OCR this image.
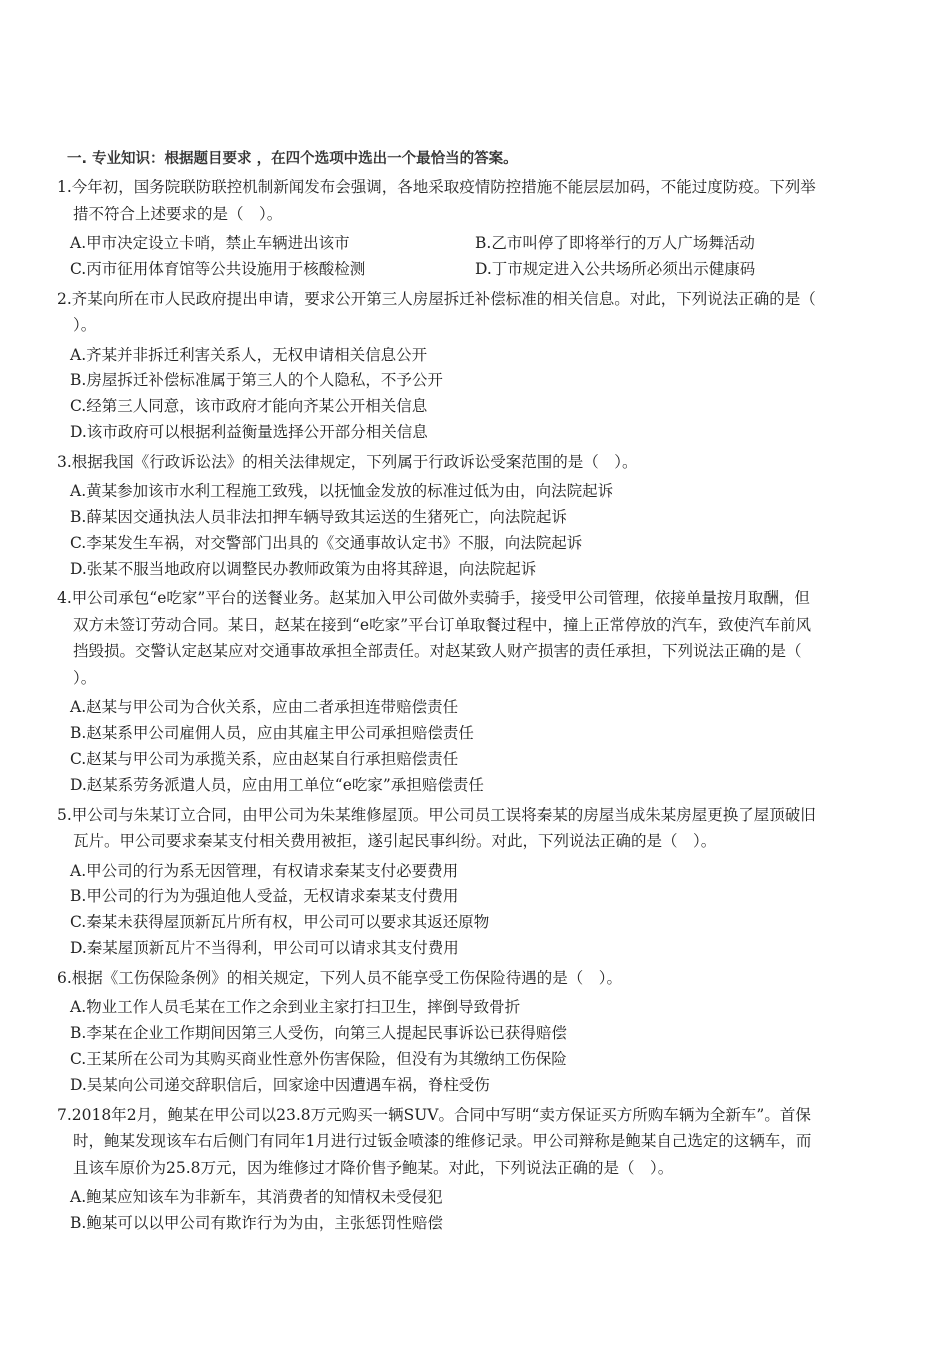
一. 专业知识：根据题目要求 ，在四个选项中选出一个最恰当的答案。
1.今年初，国务院联防联控机制新闻发布会强调，各地采取疫情防控措施不能层层加码，不能过度防疫。下列举
措不符合上述要求的是（　）。
A.甲市决定设立卡哨，禁止车辆进出该市	B.乙市叫停了即将举行的万人广场舞活动
C.丙市征用体育馆等公共设施用于核酸检测	D.丁市规定进入公共场所必须出示健康码
2.齐某向所在市人民政府提出申请，要求公开第三人房屋拆迁补偿标准的相关信息。对此，下列说法正确的是（
）。
A.齐某并非拆迁利害关系人，无权申请相关信息公开
B.房屋拆迁补偿标准属于第三人的个人隐私，不予公开
C.经第三人同意，该市政府才能向齐某公开相关信息
D.该市政府可以根据利益衡量选择公开部分相关信息
3.根据我国《行政诉讼法》的相关法律规定，下列属于行政诉讼受案范围的是（　）。
A.黄某参加该市水利工程施工致残，以抚恤金发放的标准过低为由，向法院起诉
B.薛某因交通执法人员非法扣押车辆导致其运送的生猪死亡，向法院起诉
C.李某发生车祸，对交警部门出具的《交通事故认定书》不服，向法院起诉
D.张某不服当地政府以调整民办教师政策为由将其辞退，向法院起诉
4.甲公司承包“e吃家”平台的送餐业务。赵某加入甲公司做外卖骑手，接受甲公司管理，依接单量按月取酬，但
双方未签订劳动合同。某日，赵某在接到“e吃家”平台订单取餐过程中，撞上正常停放的汽车，致使汽车前风
挡毁损。交警认定赵某应对交通事故承担全部责任。对赵某致人财产损害的责任承担，下列说法正确的是（
）。
A.赵某与甲公司为合伙关系，应由二者承担连带赔偿责任
B.赵某系甲公司雇佣人员，应由其雇主甲公司承担赔偿责任
C.赵某与甲公司为承揽关系，应由赵某自行承担赔偿责任
D.赵某系劳务派遣人员，应由用工单位“e吃家”承担赔偿责任
5.甲公司与朱某订立合同，由甲公司为朱某维修屋顶。甲公司员工误将秦某的房屋当成朱某房屋更换了屋顶破旧
瓦片。甲公司要求秦某支付相关费用被拒，遂引起民事纠纷。对此，下列说法正确的是（　）。
A.甲公司的行为系无因管理，有权请求秦某支付必要费用
B.甲公司的行为为强迫他人受益，无权请求秦某支付费用
C.秦某未获得屋顶新瓦片所有权，甲公司可以要求其返还原物
D.秦某屋顶新瓦片不当得利，甲公司可以请求其支付费用
6.根据《工伤保险条例》的相关规定，下列人员不能享受工伤保险待遇的是（　）。
A.物业工作人员毛某在工作之余到业主家打扫卫生，摔倒导致骨折
B.李某在企业工作期间因第三人受伤，向第三人提起民事诉讼已获得赔偿
C.王某所在公司为其购买商业性意外伤害保险，但没有为其缴纳工伤保险
D.吴某向公司递交辞职信后，回家途中因遭遇车祸，脊柱受伤
7.2018年2月，鲍某在甲公司以23.8万元购买一辆SUV。合同中写明“卖方保证买方所购车辆为全新车”。首保
时，鲍某发现该车右后侧门有同年1月进行过钣金喷漆的维修记录。甲公司辩称是鲍某自己选定的这辆车，而
且该车原价为25.8万元，因为维修过才降价售予鲍某。对此，下列说法正确的是（　）。
A.鲍某应知该车为非新车，其消费者的知情权未受侵犯
B.鲍某可以以甲公司有欺诈行为为由，主张惩罚性赔偿
